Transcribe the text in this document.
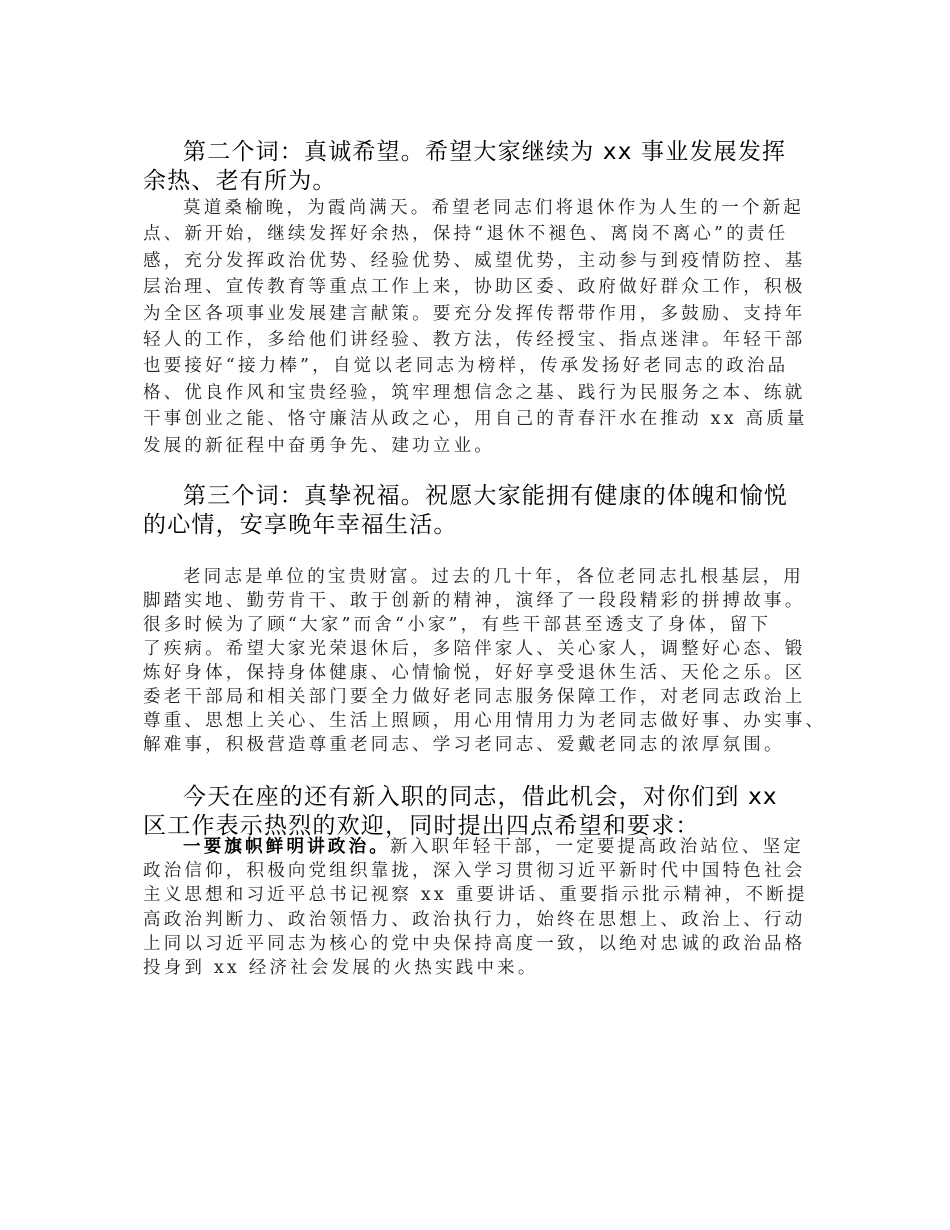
第二个词：真诚希望。希望大家继续为 xx 事业发展发挥
余热、老有所为。
莫道桑榆晚，为霞尚满天。希望老同志们将退休作为人生的一个新起
点、新开始，继续发挥好余热，保持“退休不褪色、离岗不离心”的责任
感，充分发挥政治优势、经验优势、威望优势，主动参与到疫情防控、基
层治理、宣传教育等重点工作上来，协助区委、政府做好群众工作，积极
为全区各项事业发展建言献策。要充分发挥传帮带作用，多鼓励、支持年
轻人的工作，多给他们讲经验、教方法，传经授宝、指点迷津。年轻干部
也要接好“接力棒”，自觉以老同志为榜样，传承发扬好老同志的政治品
格、优良作风和宝贵经验，筑牢理想信念之基、践行为民服务之本、练就
干事创业之能、恪守廉洁从政之心，用自己的青春汗水在推动 xx 高质量
发展的新征程中奋勇争先、建功立业。
第三个词：真挚祝福。祝愿大家能拥有健康的体魄和愉悦
的心情，安享晚年幸福生活。
老同志是单位的宝贵财富。过去的几十年，各位老同志扎根基层，用
脚踏实地、勤劳肯干、敢于创新的精神，演绎了一段段精彩的拼搏故事。
很多时候为了顾“大家”而舍“小家”，有些干部甚至透支了身体，留下
了疾病。希望大家光荣退休后，多陪伴家人、关心家人，调整好心态、锻
炼好身体，保持身体健康、心情愉悦，好好享受退休生活、天伦之乐。区
委老干部局和相关部门要全力做好老同志服务保障工作，对老同志政治上
尊重、思想上关心、生活上照顾，用心用情用力为老同志做好事、办实事、
解难事，积极营造尊重老同志、学习老同志、爱戴老同志的浓厚氛围。
今天在座的还有新入职的同志，借此机会，对你们到 xx
区工作表示热烈的欢迎，同时提出四点希望和要求：
一要旗帜鲜明讲政治。新入职年轻干部，一定要提高政治站位、坚定
政治信仰，积极向党组织靠拢，深入学习贯彻习近平新时代中国特色社会
主义思想和习近平总书记视察 xx 重要讲话、重要指示批示精神，不断提
高政治判断力、政治领悟力、政治执行力，始终在思想上、政治上、行动
上同以习近平同志为核心的党中央保持高度一致，以绝对忠诚的政治品格
投身到 xx 经济社会发展的火热实践中来。
